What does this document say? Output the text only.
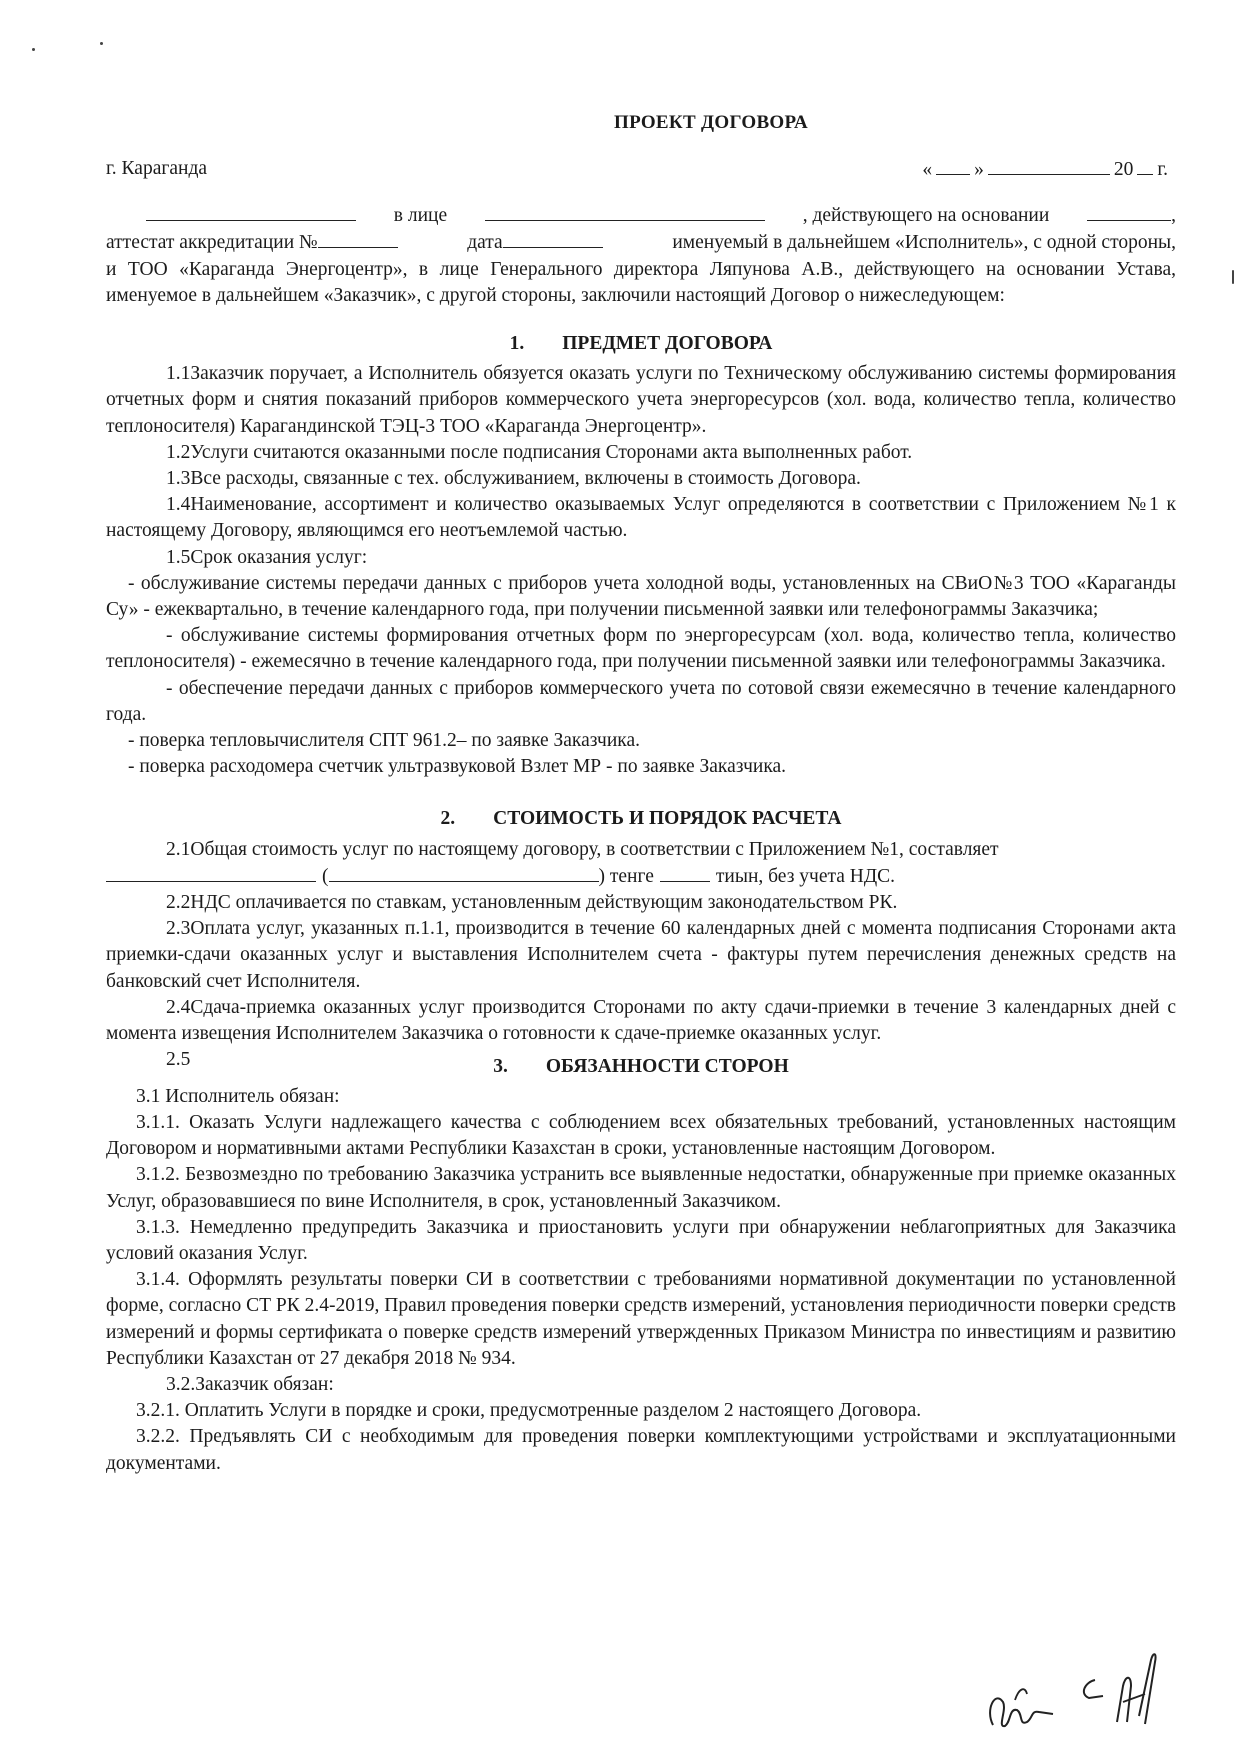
ПРОЕКТ ДОГОВОРА

г. Караганда	« »	20 г.

в лице	, действующего на основании	,

аттестат аккредитации №	дата	именуемый в дальнейшем «Исполнитель», с одной стороны,

и ТОО «Караганда Энергоцентр», в лице Генерального директора Ляпунова А.В., действующего на основании Устава, именуемое в дальнейшем «Заказчик», с другой стороны, заключили настоящий Договор о нижеследующем:

1. ПРЕДМЕТ ДОГОВОРА

1.1Заказчик поручает, а Исполнитель обязуется оказать услуги по Техническому обслуживанию системы формирования отчетных форм и снятия показаний приборов коммерческого учета энергоресурсов (хол. вода, количество тепла, количество теплоносителя) Карагандинской ТЭЦ-3 ТОО «Караганда Энергоцентр».

1.2Услуги считаются оказанными после подписания Сторонами акта выполненных работ.

1.3Все расходы, связанные с тех. обслуживанием, включены в стоимость Договора.

1.4Наименование, ассортимент и количество оказываемых Услуг определяются в соответствии с Приложением №1 к настоящему Договору, являющимся его неотъемлемой частью.

1.5Срок оказания услуг:

- обслуживание системы передачи данных с приборов учета холодной воды, установленных на СВиО№3 ТОО «Караганды Су» - ежеквартально, в течение календарного года, при получении письменной заявки или телефонограммы Заказчика;

- обслуживание системы формирования отчетных форм по энергоресурсам (хол. вода, количество тепла, количество теплоносителя) - ежемесячно в течение календарного года, при получении письменной заявки или телефонограммы Заказчика.

- обеспечение передачи данных с приборов коммерческого учета по сотовой связи ежемесячно в течение календарного года.

- поверка тепловычислителя СПТ 961.2– по заявке Заказчика.

- поверка расходомера счетчик ультразвуковой Взлет МР - по заявке Заказчика.

2. СТОИМОСТЬ И ПОРЯДОК РАСЧЕТА

2.1Общая стоимость услуг по настоящему договору, в соответствии с Приложением №1, составляет

(	) тенге	тиын, без учета НДС.

2.2НДС оплачивается по ставкам, установленным действующим законодательством РК.

2.3Оплата услуг, указанных п.1.1, производится в течение 60 календарных дней с момента подписания Сторонами акта приемки-сдачи оказанных услуг и выставления Исполнителем счета - фактуры путем перечисления денежных средств на банковский счет Исполнителя.

2.4Сдача-приемка оказанных услуг производится Сторонами по акту сдачи-приемки в течение 3 календарных дней с момента извещения Исполнителем Заказчика о готовности к сдаче-приемке оказанных услуг.

2.5	3. ОБЯЗАННОСТИ СТОРОН

3.1 Исполнитель обязан:

3.1.1. Оказать Услуги надлежащего качества с соблюдением всех обязательных требований, установленных настоящим Договором и нормативными актами Республики Казахстан в сроки, установленные настоящим Договором.

3.1.2. Безвозмездно по требованию Заказчика устранить все выявленные недостатки, обнаруженные при приемке оказанных Услуг, образовавшиеся по вине Исполнителя, в срок, установленный Заказчиком.

3.1.3. Немедленно предупредить Заказчика и приостановить услуги при обнаружении неблагоприятных для Заказчика условий оказания Услуг.

3.1.4. Оформлять результаты поверки СИ в соответствии с требованиями нормативной документации по установленной форме, согласно СТ РК 2.4-2019, Правил проведения поверки средств измерений, установления периодичности поверки средств измерений и формы сертификата о поверке средств измерений утвержденных Приказом Министра по инвестициям и развитию Республики Казахстан от 27 декабря 2018 № 934.

3.2.Заказчик обязан:

3.2.1. Оплатить Услуги в порядке и сроки, предусмотренные разделом 2 настоящего Договора.

3.2.2. Предъявлять СИ с необходимым для проведения поверки комплектующими устройствами и эксплуатационными документами.
